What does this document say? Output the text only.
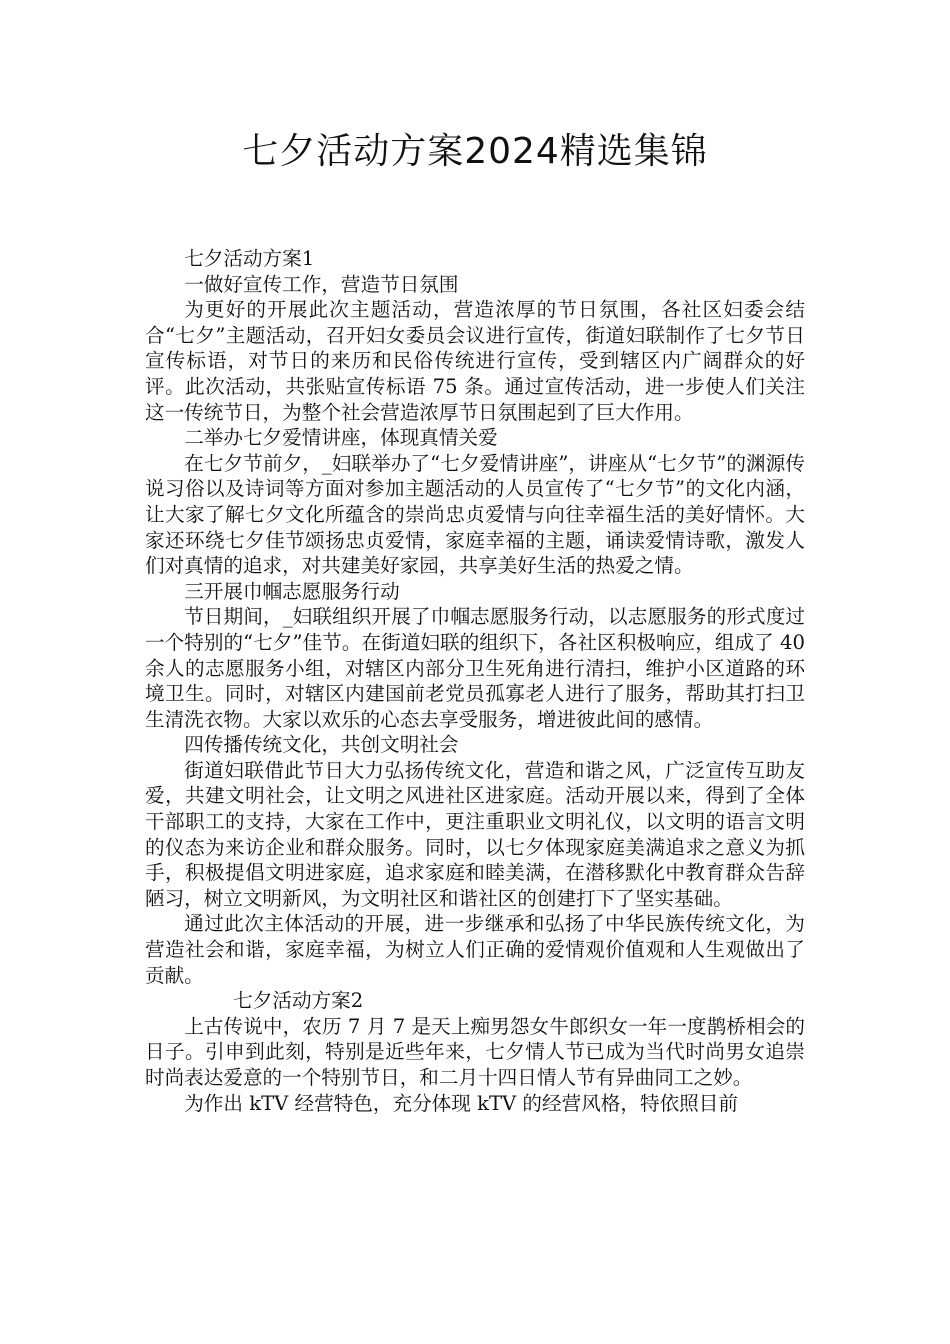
七夕活动方案2024精选集锦

七夕活动方案1

一做好宣传工作，营造节日氛围

为更好的开展此次主题活动，营造浓厚的节日氛围，各社区妇委会结合“七夕”主题活动，召开妇女委员会议进行宣传，街道妇联制作了七夕节日宣传标语，对节日的来历和民俗传统进行宣传，受到辖区内广阔群众的好评。此次活动，共张贴宣传标语 75 条。通过宣传活动，进一步使人们关注这一传统节日，为整个社会营造浓厚节日氛围起到了巨大作用。

二举办七夕爱情讲座，体现真情关爱

在七夕节前夕，_妇联举办了“七夕爱情讲座”，讲座从“七夕节”的渊源传说习俗以及诗词等方面对参加主题活动的人员宣传了“七夕节”的文化内涵，让大家了解七夕文化所蕴含的崇尚忠贞爱情与向往幸福生活的美好情怀。大家还环绕七夕佳节颂扬忠贞爱情，家庭幸福的主题，诵读爱情诗歌，激发人们对真情的追求，对共建美好家园，共享美好生活的热爱之情。

三开展巾帼志愿服务行动

节日期间，_妇联组织开展了巾帼志愿服务行动，以志愿服务的形式度过一个特别的“七夕”佳节。在街道妇联的组织下，各社区积极响应，组成了 40 余人的志愿服务小组，对辖区内部分卫生死角进行清扫，维护小区道路的环境卫生。同时，对辖区内建国前老党员孤寡老人进行了服务，帮助其打扫卫生清洗衣物。大家以欢乐的心态去享受服务，增进彼此间的感情。

四传播传统文化，共创文明社会

街道妇联借此节日大力弘扬传统文化，营造和谐之风，广泛宣传互助友爱，共建文明社会，让文明之风进社区进家庭。活动开展以来，得到了全体干部职工的支持，大家在工作中，更注重职业文明礼仪，以文明的语言文明的仪态为来访企业和群众服务。同时，以七夕体现家庭美满追求之意义为抓手，积极提倡文明进家庭，追求家庭和睦美满，在潜移默化中教育群众告辞陋习，树立文明新风，为文明社区和谐社区的创建打下了坚实基础。

通过此次主体活动的开展，进一步继承和弘扬了中华民族传统文化，为营造社会和谐，家庭幸福，为树立人们正确的爱情观价值观和人生观做出了贡献。

七夕活动方案2

上古传说中，农历 7 月 7 是天上痴男怨女牛郎织女一年一度鹊桥相会的日子。引申到此刻，特别是近些年来，七夕情人节已成为当代时尚男女追崇时尚表达爱意的一个特别节日，和二月十四日情人节有异曲同工之妙。

为作出 kTV 经营特色，充分体现 kTV 的经营风格，特依照目前
